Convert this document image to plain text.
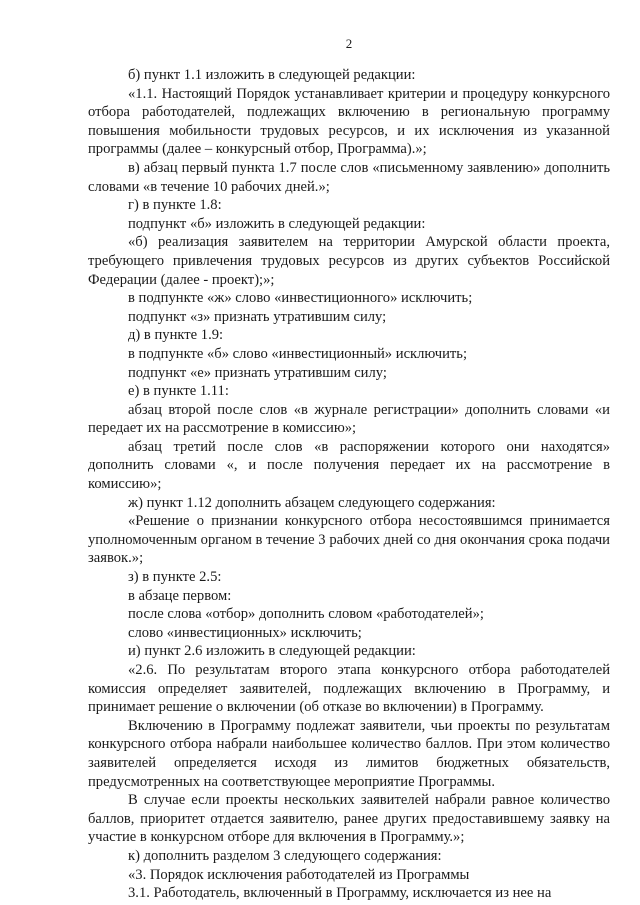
2

б) пункт 1.1 изложить в следующей редакции:

«1.1. Настоящий Порядок устанавливает критерии и процедуру конкурсного отбора работодателей, подлежащих включению в региональную программу повышения мобильности трудовых ресурсов, и их исключения из указанной программы (далее – конкурсный отбор, Программа).»;

в) абзац первый пункта 1.7 после слов «письменному заявлению» дополнить словами «в течение 10 рабочих дней.»;

г) в пункте 1.8:

подпункт «б» изложить в следующей редакции:

«б) реализация заявителем на территории Амурской области проекта, требующего привлечения трудовых ресурсов из других субъектов Российской Федерации (далее - проект);»;

в подпункте «ж» слово «инвестиционного» исключить;

подпункт «з» признать утратившим силу;

д) в пункте 1.9:

в подпункте «б» слово «инвестиционный» исключить;

подпункт «е» признать утратившим силу;

е) в пункте 1.11:

абзац второй после слов «в журнале регистрации» дополнить словами «и передает их на рассмотрение в комиссию»;

абзац третий после слов «в распоряжении которого они находятся» дополнить словами «, и после получения передает их на рассмотрение в комиссию»;

ж) пункт 1.12 дополнить абзацем следующего содержания:

«Решение о признании конкурсного отбора несостоявшимся принимается уполномоченным органом в течение 3 рабочих дней со дня окончания срока подачи заявок.»;

з) в пункте 2.5:

в абзаце первом:

после слова «отбор» дополнить словом «работодателей»;

слово «инвестиционных» исключить;

и) пункт 2.6 изложить в следующей редакции:

«2.6. По результатам второго этапа конкурсного отбора работодателей комиссия определяет заявителей, подлежащих включению в Программу, и принимает решение о включении (об отказе во включении) в Программу.

Включению в Программу подлежат заявители, чьи проекты по результатам конкурсного отбора набрали наибольшее количество баллов. При этом количество заявителей определяется исходя из лимитов бюджетных обязательств, предусмотренных на соответствующее мероприятие Программы.

В случае если проекты нескольких заявителей набрали равное количество баллов, приоритет отдается заявителю, ранее других предоставившему заявку на участие в конкурсном отборе для включения в Программу.»;

к) дополнить разделом 3 следующего содержания:

«3. Порядок исключения работодателей из Программы

3.1. Работодатель, включенный в Программу, исключается из нее на
